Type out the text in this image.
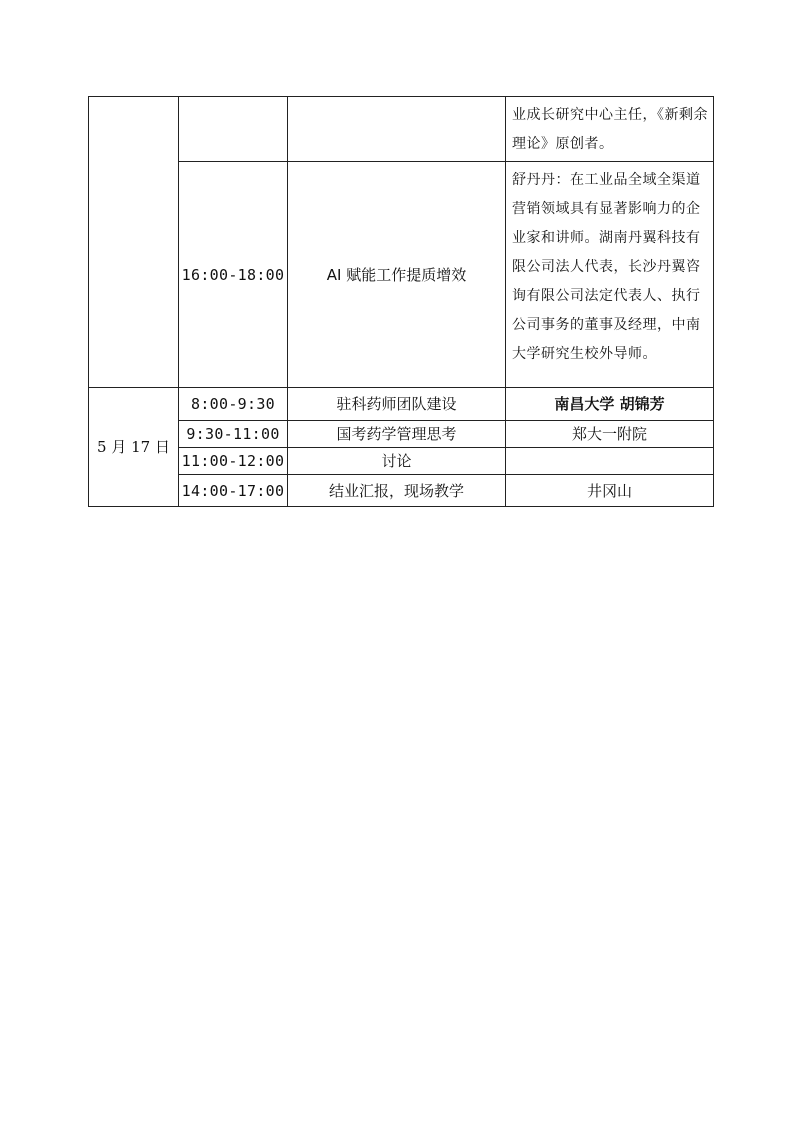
			业成长研究中心主任，《新剩余理论》原创者。
	16:00-18:00	AI 赋能工作提质增效	舒丹丹：在工业品全域全渠道营销领域具有显著影响力的企业家和讲师。湖南丹翼科技有限公司法人代表，长沙丹翼咨询有限公司法定代表人、执行公司事务的董事及经理，中南大学研究生校外导师。
5 月 17 日	8:00-9:30	驻科药师团队建设	南昌大学 胡锦芳
	9:30-11:00	国考药学管理思考	郑大一附院
	11:00-12:00	讨论	
	14:00-17:00	结业汇报，现场教学	井冈山
